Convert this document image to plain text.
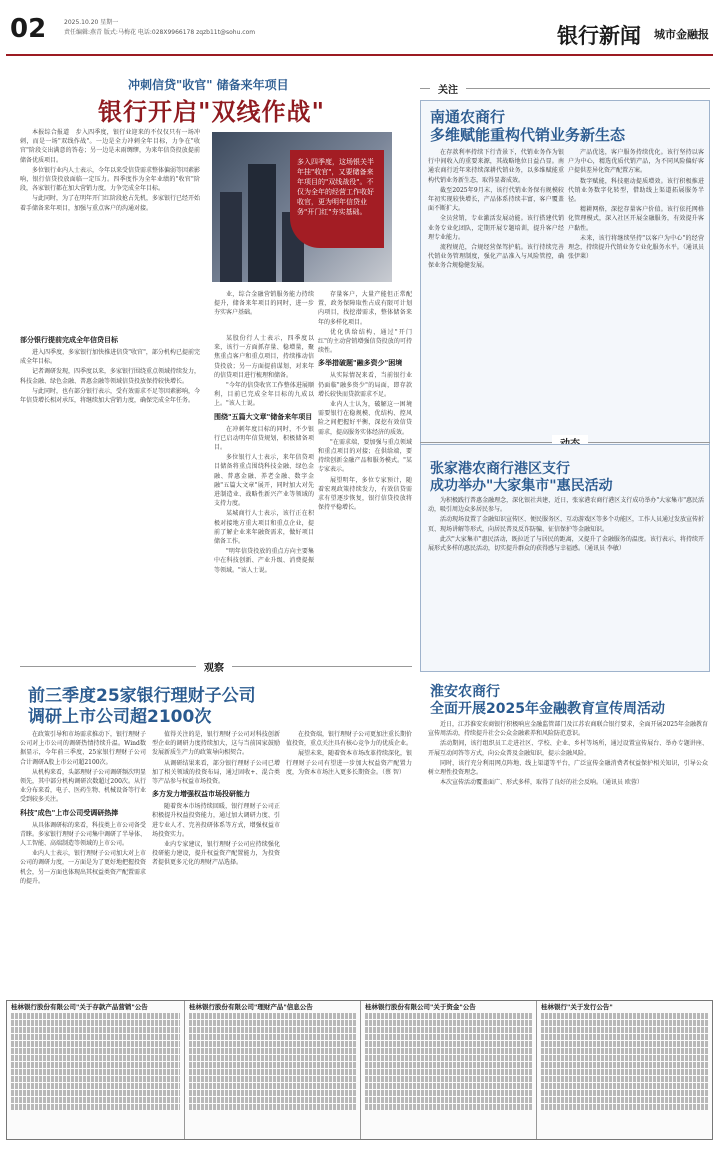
02	2025.10.20 星期一
责任编辑:燕青 版式:马梅花 电话:028X9966178 zqzb11t@sohu.com	银行新闻 城市金融报
冲刺信贷"收官" 储备来年项目
银行开启"双线作战"
多入四季度，这场银关半年挂"收官"，又要储备来年项目的"双线战役"。不仅为全年的经营工作收好收官，更为明年信贷业务"开门红"夯实基础。

本报综合报道　步入四季度，银行业迎来的不仅仅只有一场冲刺，而是一场"双线作战"。一边是全力冲刺全年目标，力争在"收官"阶段交出满意的答卷；另一边是未雨绸缪，为来年信贷投放提前储备优质项目。

多位银行业内人士表示，今年以来受信贷需求整体偏弱等因素影响，银行信贷投放面临一定压力。四季度作为全年业绩的"收官"阶段，各家银行都在加大营销力度，力争完成全年目标。

与此同时，为了在明年开门红阶段抢占先机，多家银行已经开始着手储备来年项目，加强与重点客户的沟通对接。

部分银行提前完成全年信贷目标

进入四季度，多家银行加快推进信贷"收官"，部分机构已提前完成全年目标。

记者调研发现，四季度以来，多家银行围绕重点领域持续发力，科技金融、绿色金融、普惠金融等领域信贷投放保持较快增长。

与此同时，也有部分银行表示，受有效需求不足等因素影响，今年信贷增长相对承压，将继续加大营销力度，确保完成全年任务。

业，综合金融营销服务能力持续提升，储备来年项目的同时，进一步夯实客户基础。

某股份行人士表示，四季度以来，该行一方面抓存量、稳增量，聚焦重点客户和重点项目，持续推动信贷投放；另一方面提前谋划，对来年的信贷项目进行梳理和储备。

"今年的信贷收官工作整体进展顺利，目前已完成全年目标的九成以上。"该人士说。

围绕"五篇大文章"储备来年项目

在冲刺年度目标的同时，不少银行已启动明年信贷规划，积极储备项目。

多位银行人士表示，来年信贷项目储备将重点围绕科技金融、绿色金融、普惠金融、养老金融、数字金融"五篇大文章"展开，同时加大对先进制造业、战略性新兴产业等领域的支持力度。

某城商行人士表示，该行正在积极对接地方重大项目和重点企业，提前了解企业来年融资需求，做好项目储备工作。

"明年信贷投放的重点方向主要集中在科技创新、产业升级、消费提振等领域。"该人士说。

存量客户，大量产能但正常配置，政务保障取性占成有限可计划内项目，找挖潜需求，整体储备来年的多样化项目。

优化供给结构，通过"开门红"的主动营销增强信贷投放的可持续性。

多举措破题"融多资少"困境

从实际情况来看，当前银行业仍面临"融多资少"的局面，即存款增长较快而贷款需求不足。

业内人士认为，破解这一困境需要银行在稳规模、优结构、控风险之间把握好平衡，深挖有效信贷需求，提高服务实体经济的质效。

"在需求端，要加强与重点领域和重点项目的对接；在供给端，要持续创新金融产品和服务模式。"某专家表示。

展望明年，多位专家预计，随着宏观政策持续发力，有效信贷需求有望逐步恢复，银行信贷投放将保持平稳增长。

观察
前三季度25家银行理财子公司
调研上市公司超2100次

在政策引导和市场需求推动下，银行理财子公司对上市公司的调研热情持续升温。Wind数据显示，今年前三季度，25家银行理财子公司合计调研A股上市公司超2100次。

从机构来看，头部理财子公司调研频次明显领先，其中部分机构调研次数超过200次。从行业分布来看，电子、医药生物、机械设备等行业受到较多关注。

科技"成色"上市公司受调研热捧

从具体调研标的来看，科技类上市公司备受青睐。多家银行理财子公司集中调研了半导体、人工智能、高端制造等领域的上市公司。

业内人士表示，银行理财子公司加大对上市公司的调研力度，一方面是为了更好地把握投资机会，另一方面也体现出其权益类资产配置需求的提升。

值得关注的是，银行理财子公司对科技创新型企业的调研力度持续加大，这与当前国家鼓励发展新质生产力的政策导向相契合。

从调研结果来看，部分银行理财子公司已增加了相关领域的投资布局，通过固收+、混合类等产品参与权益市场投资。

多方发力增强权益市场投研能力

随着资本市场持续回暖，银行理财子公司正积极提升权益投资能力，通过加大调研力度、引进专业人才、完善投研体系等方式，增强权益市场投资实力。

业内专家建议，银行理财子公司应持续强化投研能力建设，提升权益资产配置能力，为投资者提供更多元化的理财产品选择。

在投资端，银行理财子公司更加注重长期价值投资，重点关注具有核心竞争力的优质企业。

展望未来，随着资本市场改革持续深化，银行理财子公司有望进一步加大权益资产配置力度，为资本市场注入更多长期资金。（蔡 智）

关注
南通农商行
多维赋能重构代销业务新生态

在存款利率持续下行背景下，代销业务作为银行中间收入的重要来源，其战略地位日益凸显。南通农商行近年来持续深耕代销业务，以多维赋能重构代销业务新生态，取得显著成效。

截至2025年9月末，该行代销业务保有规模较年初实现较快增长，产品体系持续丰富，客户覆盖面不断扩大。

全员营销，专业激活发展动能。该行搭建代销业务专业化团队，定期开展专题培训，提升客户经理专业能力。

流程规范，合规经营保驾护航。该行持续完善代销业务管理制度，强化产品准入与风险管控，确保业务合规稳健发展。

产品优选，客户服务持续优化。该行坚持以客户为中心，精选优质代销产品，为不同风险偏好客户提供差异化资产配置方案。

数字赋能，科技驱动提质增效。该行积极推进代销业务数字化转型，借助线上渠道拓展服务半径。

精耕网格，深挖存量客户价值。该行依托网格化管理模式，深入社区开展金融服务，有效提升客户黏性。

未来，该行将继续坚持"以客户为中心"的经营理念，持续提升代销业务专业化服务水平。（通讯员 张伊莱）

张家港农商行港区支行
成功举办"大家集市"惠民活动

为积极践行普惠金融理念，深化银社共建，近日，张家港农商行港区支行成功举办"大家集市"惠民活动，吸引周边众多居民参与。

活动现场设置了金融知识宣传区、便民服务区、互动游戏区等多个功能区，工作人员通过发放宣传折页、现场讲解等形式，向居民普及反诈防骗、征信保护等金融知识。

此次"大家集市"惠民活动，既拉近了与居民的距离，又提升了金融服务的温度。该行表示，将持续开展形式多样的惠民活动，切实提升群众的获得感与幸福感。（通讯员 李敏）

淮安农商行
全面开展2025年金融教育宣传周活动

近日，江苏淮安农商银行积极响应金融监管部门及江苏农商联合银行要求，全面开展2025年金融教育宣传周活动，持续提升社会公众金融素养和风险防范意识。

活动期间，该行组织员工走进社区、学校、企业、乡村等场所，通过设置宣传展台、举办专题讲座、开展互动问答等方式，向公众普及金融知识，提示金融风险。

同时，该行充分利用网点阵地、线上渠道等平台，广泛宣传金融消费者权益保护相关知识，引导公众树立理性投资理念。

本次宣传活动覆盖面广、形式多样，取得了良好的社会反响。（通讯员 欧蓉）

桂林银行股份有限公司"关于存款产品营销"公告	桂林银行股份有限公司"理财产品"信息公告	桂林银行股份有限公司"关于资金"公告	桂林银行"关于发行公告"
